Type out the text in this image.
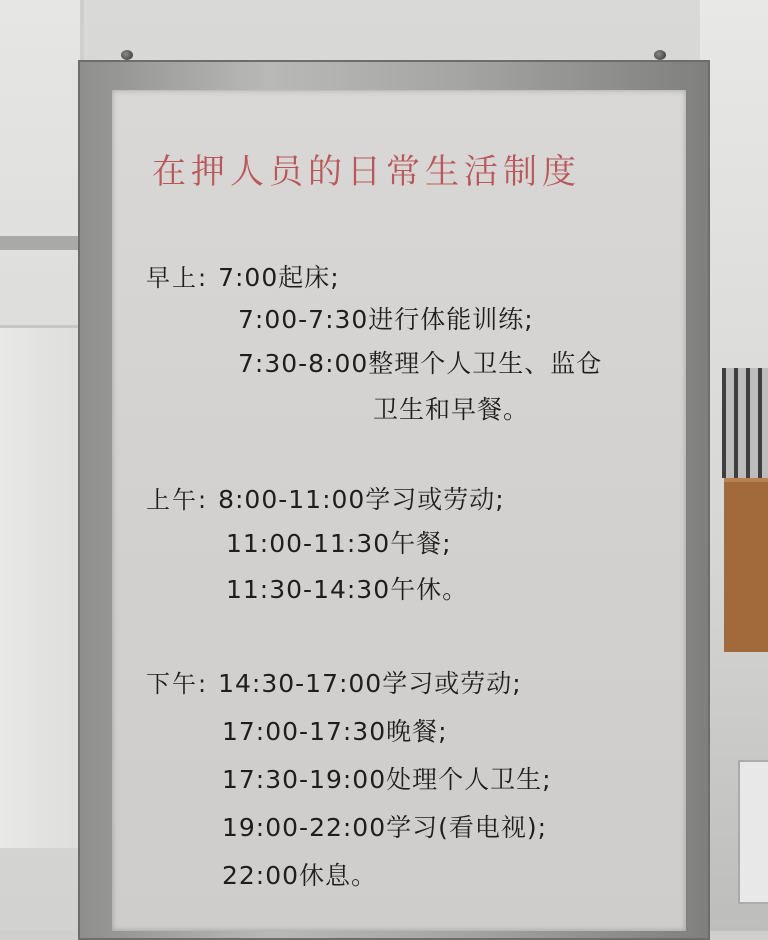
在押人员的日常生活制度
早上: 7:00起床;
7:00-7:30进行体能训练;
7:30-8:00整理个人卫生、监仓
卫生和早餐。
上午: 8:00-11:00学习或劳动;
11:00-11:30午餐;
11:30-14:30午休。
下午: 14:30-17:00学习或劳动;
17:00-17:30晚餐;
17:30-19:00处理个人卫生;
19:00-22:00学习(看电视);
22:00休息。
